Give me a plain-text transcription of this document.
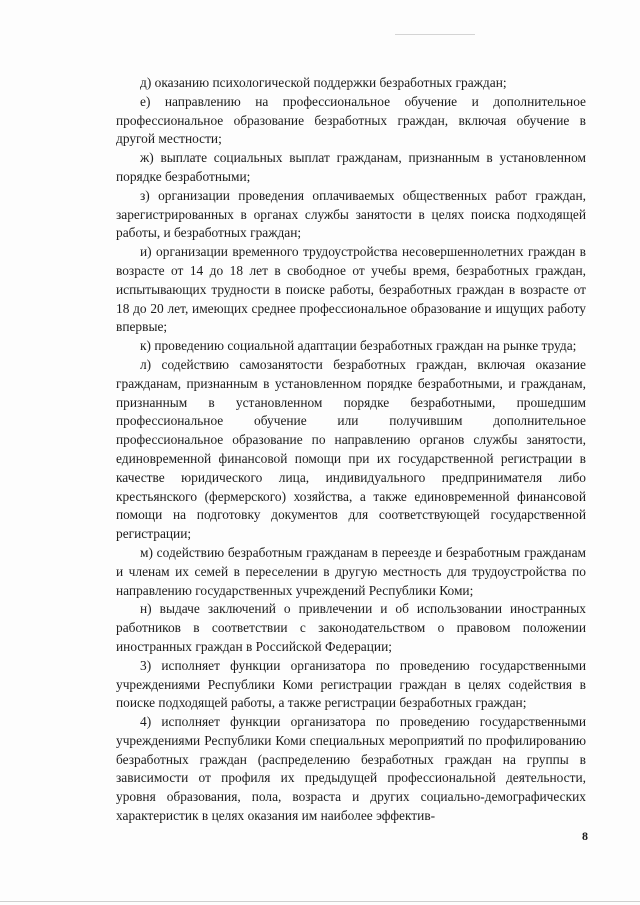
д) оказанию психологической поддержки безработных граждан;

е) направлению на профессиональное обучение и дополнительное профессиональное образование безработных граждан, включая обучение в другой местности;

ж) выплате социальных выплат гражданам, признанным в установленном порядке безработными;

з) организации проведения оплачиваемых общественных работ граждан, зарегистрированных в органах службы занятости в целях поиска подходящей работы, и безработных граждан;

и) организации временного трудоустройства несовершеннолетних граждан в возрасте от 14 до 18 лет в свободное от учебы время, безработных граждан, испытывающих трудности в поиске работы, безработных граждан в возрасте от 18 до 20 лет, имеющих среднее профессиональное образование и ищущих работу впервые;

к) проведению социальной адаптации безработных граждан на рынке труда;

л) содействию самозанятости безработных граждан, включая оказание гражданам, признанным в установленном порядке безработными, и гражданам, признанным в установленном порядке безработными, прошедшим профессиональное обучение или получившим дополнительное профессиональное образование по направлению органов службы занятости, единовременной финансовой помощи при их государственной регистрации в качестве юридического лица, индивидуального предпринимателя либо крестьянского (фермерского) хозяйства, а также единовременной финансовой помощи на подготовку документов для соответствующей государственной регистрации;

м) содействию безработным гражданам в переезде и безработным гражданам и членам их семей в переселении в другую местность для трудоустройства по направлению государственных учреждений Республики Коми;

н) выдаче заключений о привлечении и об использовании иностранных работников в соответствии с законодательством о правовом положении иностранных граждан в Российской Федерации;

3) исполняет функции организатора по проведению государственными учреждениями Республики Коми регистрации граждан в целях содействия в поиске подходящей работы, а также регистрации безработных граждан;

4) исполняет функции организатора по проведению государственными учреждениями Республики Коми специальных мероприятий по профилированию безработных граждан (распределению безработных граждан на группы в зависимости от профиля их предыдущей профессиональной деятельности, уровня образования, пола, возраста и других социально-демографических характеристик в целях оказания им наиболее эффектив-

8
